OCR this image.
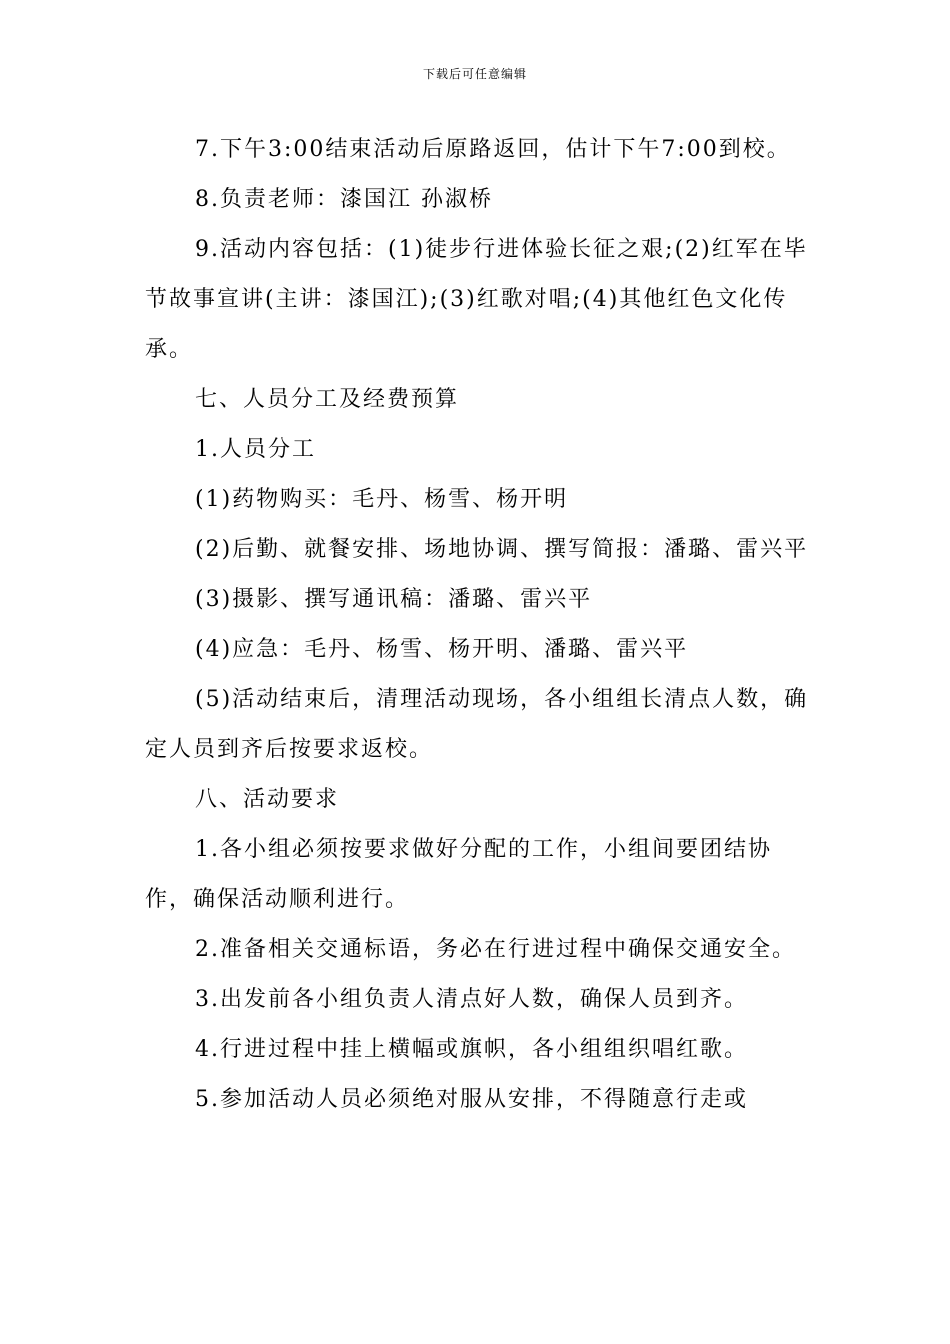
下载后可任意编辑

7.下午3:00结束活动后原路返回，估计下午7:00到校。

8.负责老师：漆国江 孙淑桥

9.活动内容包括：(1)徒步行进体验长征之艰;(2)红军在毕节故事宣讲(主讲：漆国江);(3)红歌对唱;(4)其他红色文化传承。

七、人员分工及经费预算

1.人员分工

(1)药物购买：毛丹、杨雪、杨开明

(2)后勤、就餐安排、场地协调、撰写简报：潘璐、雷兴平

(3)摄影、撰写通讯稿：潘璐、雷兴平

(4)应急：毛丹、杨雪、杨开明、潘璐、雷兴平

(5)活动结束后，清理活动现场，各小组组长清点人数，确定人员到齐后按要求返校。

八、活动要求

1.各小组必须按要求做好分配的工作，小组间要团结协作，确保活动顺利进行。

2.准备相关交通标语，务必在行进过程中确保交通安全。

3.出发前各小组负责人清点好人数，确保人员到齐。

4.行进过程中挂上横幅或旗帜，各小组组织唱红歌。

5.参加活动人员必须绝对服从安排，不得随意行走或
